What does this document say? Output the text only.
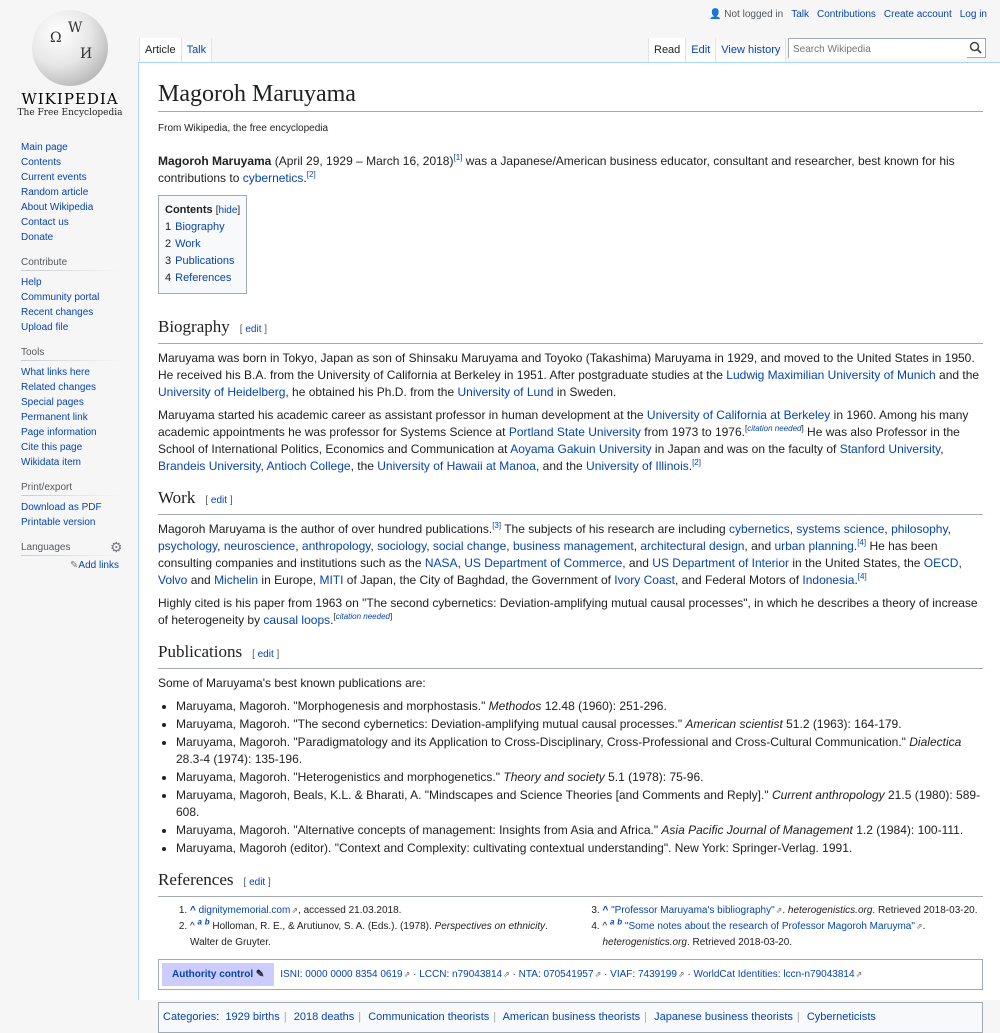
Ω
W
И
WIKIPEDIA
The Free Encyclopedia
Main page
Contents
Current events
Random article
About Wikipedia
Contact us
Donate
Contribute
Help
Community portal
Recent changes
Upload file
Tools
What links here
Related changes
Special pages
Permanent link
Page information
Cite this page
Wikidata item
Print/export
Download as PDF
Printable version
Languages	⚙
✎Add links
👤 Not logged in Talk Contributions Create account Log in
Article	Talk	Read	Edit	View history
Search Wikipedia
Magoroh Maruyama
From Wikipedia, the free encyclopedia

Magoroh Maruyama (April 29, 1929 – March 16, 2018)[1] was a Japanese/American business educator, consultant and researcher, best known for his contributions to cybernetics.[2]

Contents [hide]
1 Biography
2 Work
3 Publications
4 References
Biography [ edit ]

Maruyama was born in Tokyo, Japan as son of Shinsaku Maruyama and Toyoko (Takashima) Maruyama in 1929, and moved to the United States in 1950. He received his B.A. from the University of California at Berkeley in 1951. After postgraduate studies at the Ludwig Maximilian University of Munich and the University of Heidelberg, he obtained his Ph.D. from the University of Lund in Sweden.

Maruyama started his academic career as assistant professor in human development at the University of California at Berkeley in 1960. Among his many academic appointments he was professor for Systems Science at Portland State University from 1973 to 1976.[citation needed] He was also Professor in the School of International Politics, Economics and Communication at Aoyama Gakuin University in Japan and was on the faculty of Stanford University, Brandeis University, Antioch College, the University of Hawaii at Manoa, and the University of Illinois.[2]

Work [ edit ]

Magoroh Maruyama is the author of over hundred publications.[3] The subjects of his research are including cybernetics, systems science, philosophy, psychology, neuroscience, anthropology, sociology, social change, business management, architectural design, and urban planning.[4] He has been consulting companies and institutions such as the NASA, US Department of Commerce, and US Department of Interior in the United States, the OECD, Volvo and Michelin in Europe, MITI of Japan, the City of Baghdad, the Government of Ivory Coast, and Federal Motors of Indonesia.[4]

Highly cited is his paper from 1963 on "The second cybernetics: Deviation-amplifying mutual causal processes", in which he describes a theory of increase of heterogeneity by causal loops.[citation needed]

Publications [ edit ]

Some of Maruyama's best known publications are:

• Maruyama, Magoroh. "Morphogenesis and morphostasis." Methodos 12.48 (1960): 251-296.
• Maruyama, Magoroh. "The second cybernetics: Deviation-amplifying mutual causal processes." American scientist 51.2 (1963): 164-179.
• Maruyama, Magoroh. "Paradigmatology and its Application to Cross-Disciplinary, Cross-Professional and Cross-Cultural Communication." Dialectica 28.3-4 (1974): 135-196.
• Maruyama, Magoroh. "Heterogenistics and morphogenetics." Theory and society 5.1 (1978): 75-96.
• Maruyama, Magoroh, Beals, K.L. & Bharati, A. "Mindscapes and Science Theories [and Comments and Reply]." Current anthropology 21.5 (1980): 589-608.
• Maruyama, Magoroh. "Alternative concepts of management: Insights from Asia and Africa." Asia Pacific Journal of Management 1.2 (1984): 100-111.
• Maruyama, Magoroh (editor). "Context and Complexity: cultivating contextual understanding". New York: Springer-Verlag. 1991.
References [ edit ]
1. ^ dignitymemorial.com ⇗ , accessed 21.03.2018.
2. ^ $^a$ $^b$ Holloman, R. E., & Arutiunov, S. A. (Eds.). (1978). Perspectives on ethnicity. Walter de Gruyter.
3. ^ "Professor Maruyama's bibliography" ⇗ . heterogenistics.org. Retrieved 2018-03-20.
4. ^ $^a$ $^b$ "Some notes about the research of Professor Magoroh Maruyma" ⇗ . heterogenistics.org. Retrieved 2018-03-20.
Authority control ✎	ISNI: 0000 0000 8354 0619 ⇗ ·
LCCN: n79043814 ⇗ ·
NTA: 070541957 ⇗ ·
VIAF: 7439199 ⇗ ·
WorldCat Identities: lccn-n79043814 ⇗
Categories:  1929 births | 2018 deaths | Communication theorists | American business theorists | Japanese business theorists | Cyberneticists
